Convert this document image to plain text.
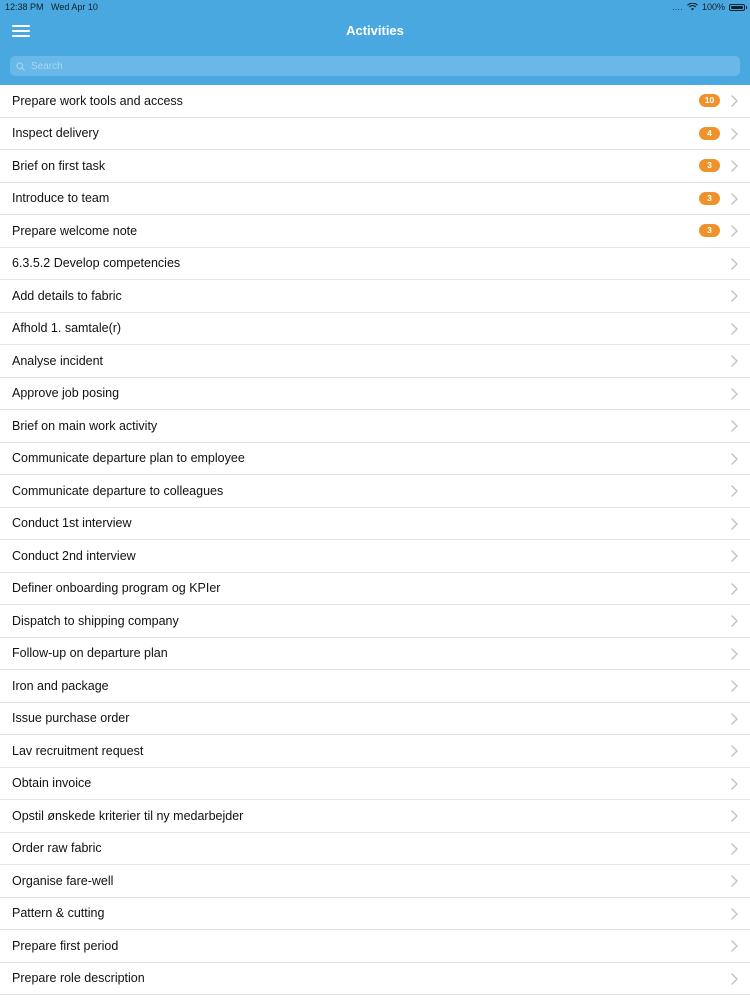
12:38 PM Wed Apr 10	.... 100%
Activities
Search
Prepare work tools and access	10
Inspect delivery	4
Brief on first task	3
Introduce to team	3
Prepare welcome note	3
6.3.5.2 Develop competencies
Add details to fabric
Afhold 1. samtale(r)
Analyse incident
Approve job posing
Brief on main work activity
Communicate departure plan to employee
Communicate departure to colleagues
Conduct 1st interview
Conduct 2nd interview
Definer onboarding program og KPIer
Dispatch to shipping company
Follow-up on departure plan
Iron and package
Issue purchase order
Lav recruitment request
Obtain invoice
Opstil ønskede kriterier til ny medarbejder
Order raw fabric
Organise fare-well
Pattern & cutting
Prepare first period
Prepare role description
